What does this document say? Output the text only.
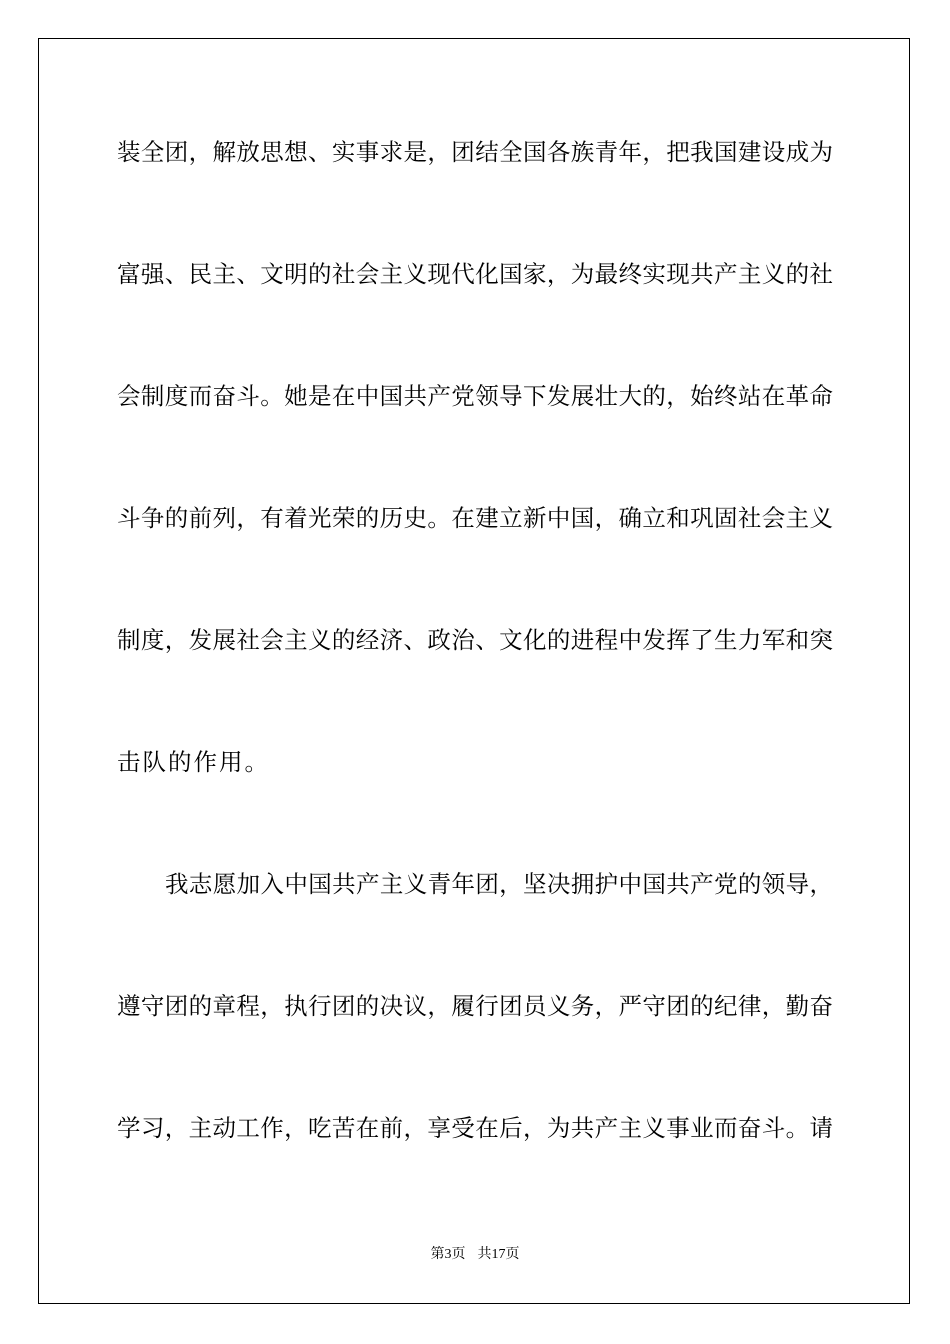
装全团，解放思想、实事求是，团结全国各族青年，把我国建设成为
富强、民主、文明的社会主义现代化国家，为最终实现共产主义的社
会制度而奋斗。她是在中国共产党领导下发展壮大的，始终站在革命
斗争的前列，有着光荣的历史。在建立新中国，确立和巩固社会主义
制度，发展社会主义的经济、政治、文化的进程中发挥了生力军和突
击队的作用。
我志愿加入中国共产主义青年团，坚决拥护中国共产党的领导，
遵守团的章程，执行团的决议，履行团员义务，严守团的纪律，勤奋
学习，主动工作，吃苦在前，享受在后，为共产主义事业而奋斗。请
第3页 共17页
